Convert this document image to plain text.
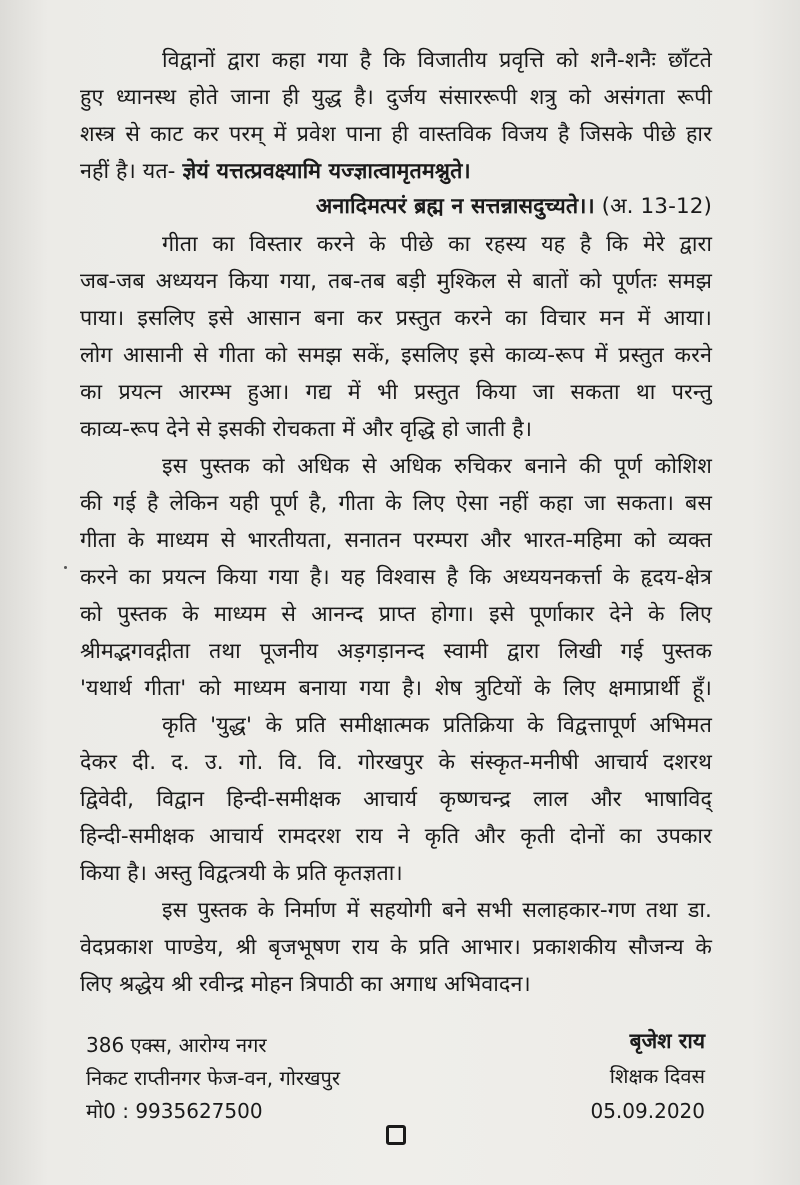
विद्वानों द्वारा कहा गया है कि विजातीय प्रवृत्ति को शनै-शनैः छाँटते
हुए ध्यानस्थ होते जाना ही युद्ध है। दुर्जय संसाररूपी शत्रु को असंगता रूपी
शस्त्र से काट कर परम् में प्रवेश पाना ही वास्तविक विजय है जिसके पीछे हार
नहीं है। यत- ज्ञेयं यत्तत्प्रवक्ष्यामि यज्ज्ञात्वामृतमश्नुते।
अनादिमत्परं ब्रह्म न सत्तन्नासदुच्यते।। (अ. 13-12)
गीता का विस्तार करने के पीछे का रहस्य यह है कि मेरे द्वारा
जब-जब अध्ययन किया गया, तब-तब बड़ी मुश्किल से बातों को पूर्णतः समझ
पाया। इसलिए इसे आसान बना कर प्रस्तुत करने का विचार मन में आया।
लोग आसानी से गीता को समझ सकें, इसलिए इसे काव्य-रूप में प्रस्तुत करने
का प्रयत्न आरम्भ हुआ। गद्य में भी प्रस्तुत किया जा सकता था परन्तु
काव्य-रूप देने से इसकी रोचकता में और वृद्धि हो जाती है।
इस पुस्तक को अधिक से अधिक रुचिकर बनाने की पूर्ण कोशिश
की गई है लेकिन यही पूर्ण है, गीता के लिए ऐसा नहीं कहा जा सकता। बस
गीता के माध्यम से भारतीयता, सनातन परम्परा और भारत-महिमा को व्यक्त
करने का प्रयत्न किया गया है। यह विश्वास है कि अध्ययनकर्त्ता के हृदय-क्षेत्र
को पुस्तक के माध्यम से आनन्द प्राप्त होगा। इसे पूर्णाकार देने के लिए
श्रीमद्भगवद्गीता तथा पूजनीय अड़गड़ानन्द स्वामी द्वारा लिखी गई पुस्तक
'यथार्थ गीता' को माध्यम बनाया गया है। शेष त्रुटियों के लिए क्षमाप्रार्थी हूँ।
कृति 'युद्ध' के प्रति समीक्षात्मक प्रतिक्रिया के विद्वत्तापूर्ण अभिमत
देकर दी. द. उ. गो. वि. वि. गोरखपुर के संस्कृत-मनीषी आचार्य दशरथ
द्विवेदी, विद्वान हिन्दी-समीक्षक आचार्य कृष्णचन्द्र लाल और भाषाविद्
हिन्दी-समीक्षक आचार्य रामदरश राय ने कृति और कृती दोनों का उपकार
किया है। अस्तु विद्वत्त्रयी के प्रति कृतज्ञता।
इस पुस्तक के निर्माण में सहयोगी बने सभी सलाहकार-गण तथा डा.
वेदप्रकाश पाण्डेय, श्री बृजभूषण राय के प्रति आभार। प्रकाशकीय सौजन्य के
लिए श्रद्धेय श्री रवीन्द्र मोहन त्रिपाठी का अगाध अभिवादन।
386 एक्स, आरोग्य नगर
निकट राप्तीनगर फेज-वन, गोरखपुर
मो0 : 9935627500
बृजेश राय
शिक्षक दिवस
05.09.2020
